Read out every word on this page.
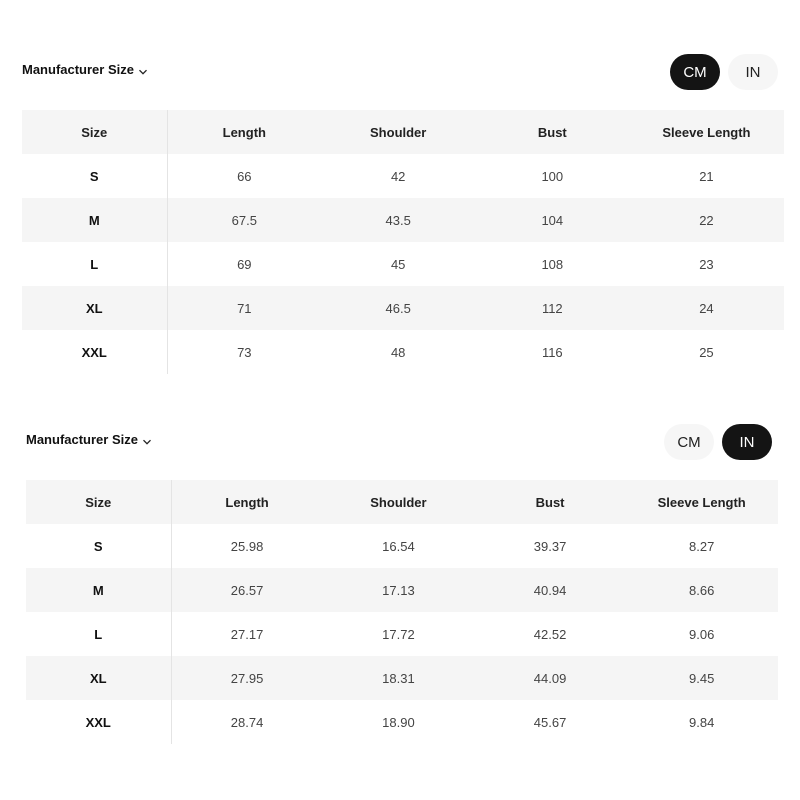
Manufacturer Size	CM	IN
Size	Length	Shoulder	Bust	Sleeve Length
S	66	42	100	21
M	67.5	43.5	104	22
L	69	45	108	23
XL	71	46.5	112	24
XXL	73	48	116	25
Manufacturer Size	CM	IN
Size	Length	Shoulder	Bust	Sleeve Length
S	25.98	16.54	39.37	8.27
M	26.57	17.13	40.94	8.66
L	27.17	17.72	42.52	9.06
XL	27.95	18.31	44.09	9.45
XXL	28.74	18.90	45.67	9.84
